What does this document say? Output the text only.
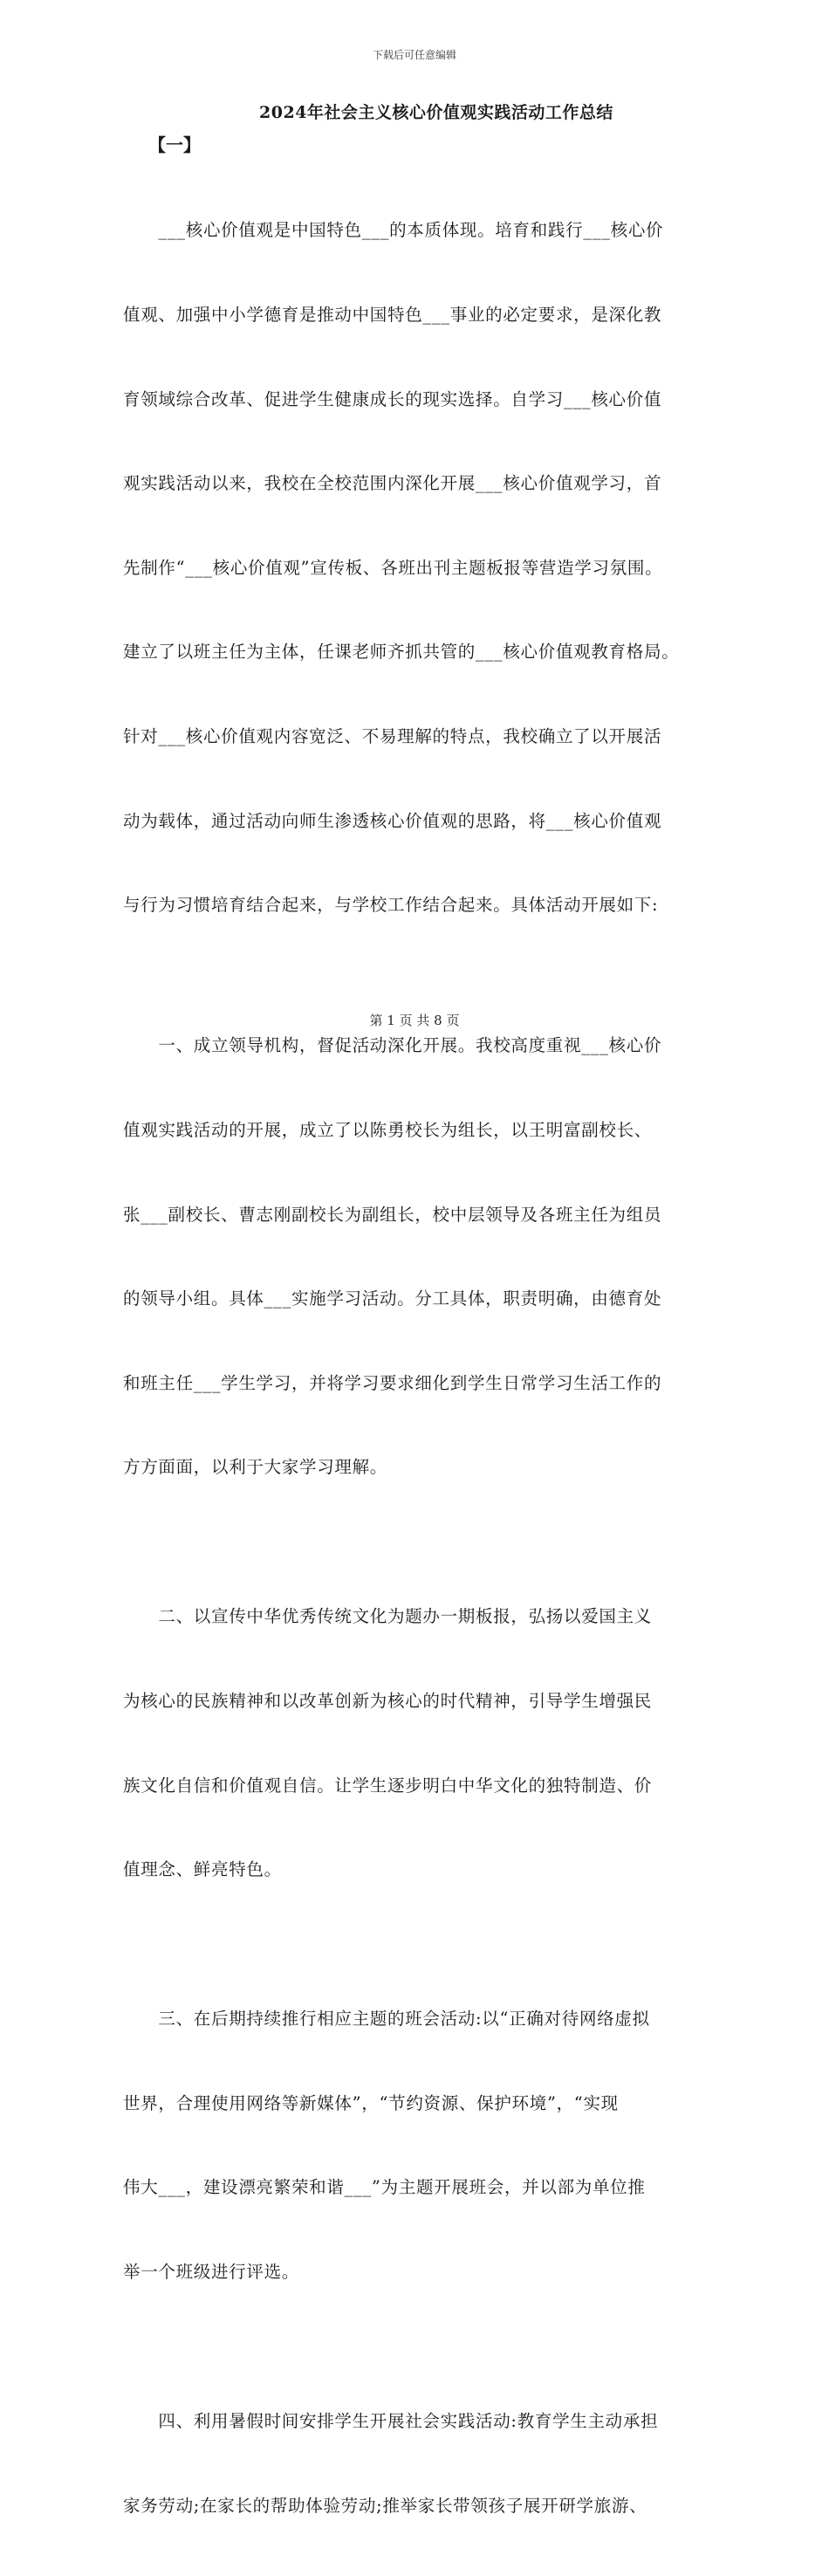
下载后可任意编辑
2024年社会主义核心价值观实践活动工作总结
【一】

　　___核心价值观是中国特色___的本质体现。培育和践行___核心价

值观、加强中小学德育是推动中国特色___事业的必定要求，是深化教

育领域综合改革、促进学生健康成长的现实选择。自学习___核心价值

观实践活动以来，我校在全校范围内深化开展___核心价值观学习，首

先制作“___核心价值观”宣传板、各班出刊主题板报等营造学习氛围。

建立了以班主任为主体，任课老师齐抓共管的___核心价值观教育格局。

针对___核心价值观内容宽泛、不易理解的特点，我校确立了以开展活

动为载体，通过活动向师生渗透核心价值观的思路，将___核心价值观

与行为习惯培育结合起来，与学校工作结合起来。具体活动开展如下:

　　一、成立领导机构，督促活动深化开展。我校高度重视___核心价

值观实践活动的开展，成立了以陈勇校长为组长，以王明富副校长、

张___副校长、曹志刚副校长为副组长，校中层领导及各班主任为组员

的领导小组。具体___实施学习活动。分工具体，职责明确，由德育处

和班主任___学生学习，并将学习要求细化到学生日常学习生活工作的

方方面面，以利于大家学习理解。

　　二、以宣传中华优秀传统文化为题办一期板报，弘扬以爱国主义

为核心的民族精神和以改革创新为核心的时代精神，引导学生增强民

族文化自信和价值观自信。让学生逐步明白中华文化的独特制造、价

值理念、鲜亮特色。

　　三、在后期持续推行相应主题的班会活动:以“正确对待网络虚拟

世界，合理使用网络等新媒体”，“节约资源、保护环境”，“实现

伟大___，建设漂亮繁荣和谐___”为主题开展班会，并以部为单位推

举一个班级进行评选。

　　四、利用暑假时间安排学生开展社会实践活动:教育学生主动承担

家务劳动;在家长的帮助体验劳动;推举家长带领孩子展开研学旅游、

第 1 页 共 8 页
